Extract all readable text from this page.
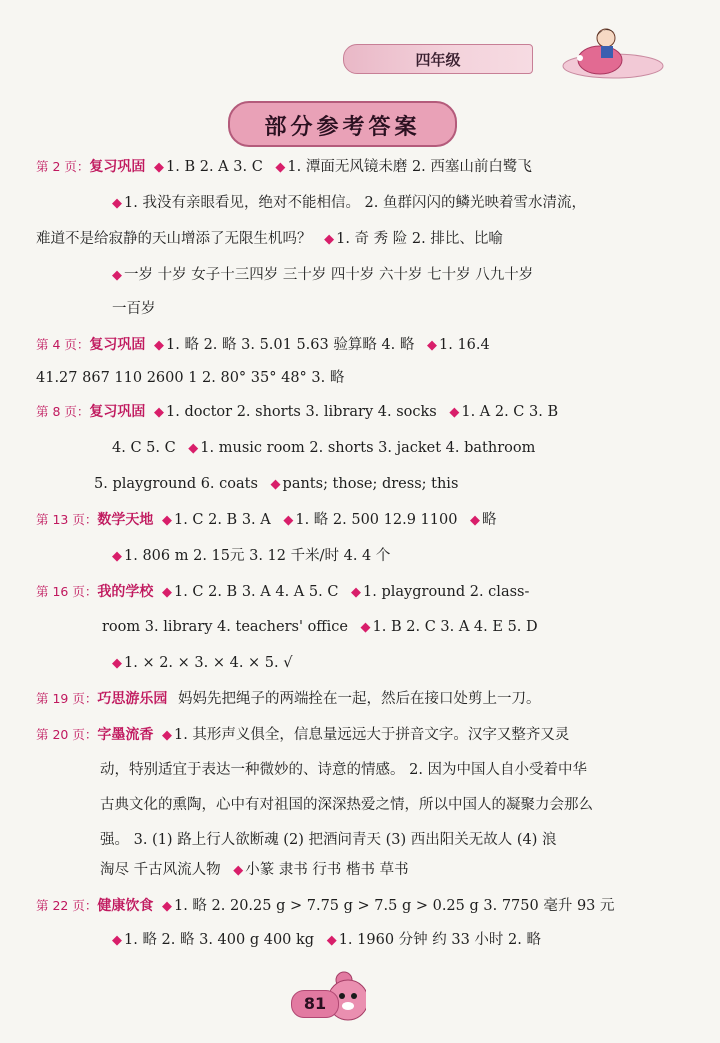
四年级
部分参考答案
第 2 页：复习巩固 ◆ 1. B 2. A 3. C ◆ 1. 潭面无风镜未磨 2. 西塞山前白鹭飞
◆ 1. 我没有亲眼看见，绝对不能相信。 2. 鱼群闪闪的鳞光映着雪水清流，
难道不是给寂静的天山增添了无限生机吗？ ◆ 1. 奇 秀 险 2. 排比、比喻
◆ 一岁 十岁 女子十三四岁 三十岁 四十岁 六十岁 七十岁 八九十岁
一百岁
第 4 页：复习巩固 ◆ 1. 略 2. 略 3. 5.01 5.63 验算略 4. 略 ◆ 1. 16.4
41.27 867 110 2600 1 2. 80° 35° 48° 3. 略
第 8 页：复习巩固 ◆ 1. doctor 2. shorts 3. library 4. socks ◆ 1. A 2. C 3. B
4. C 5. C ◆ 1. music room 2. shorts 3. jacket 4. bathroom
5. playground 6. coats ◆ pants; those; dress; this
第 13 页：数学天地 ◆ 1. C 2. B 3. A ◆ 1. 略 2. 500 12.9 1100 ◆ 略
◆ 1. 806 m 2. 15元 3. 12 千米/时 4. 4 个
第 16 页：我的学校 ◆ 1. C 2. B 3. A 4. A 5. C ◆ 1. playground 2. class-
room 3. library 4. teachers' office ◆ 1. B 2. C 3. A 4. E 5. D
◆ 1. × 2. × 3. × 4. × 5. √
第 19 页：巧思游乐园 妈妈先把绳子的两端拴在一起，然后在接口处剪上一刀。
第 20 页：字墨流香 ◆ 1. 其形声义俱全，信息量远远大于拼音文字。汉字又整齐又灵
动，特别适宜于表达一种微妙的、诗意的情感。 2. 因为中国人自小受着中华
古典文化的熏陶，心中有对祖国的深深热爱之情，所以中国人的凝聚力会那么
强。 3. (1) 路上行人欲断魂 (2) 把酒问青天 (3) 西出阳关无故人 (4) 浪
淘尽 千古风流人物 ◆ 小篆 隶书 行书 楷书 草书
第 22 页：健康饮食 ◆ 1. 略 2. 20.25 g > 7.75 g > 7.5 g > 0.25 g 3. 7750 毫升 93 元
◆ 1. 略 2. 略 3. 400 g 400 kg ◆ 1. 1960 分钟 约 33 小时 2. 略
81
